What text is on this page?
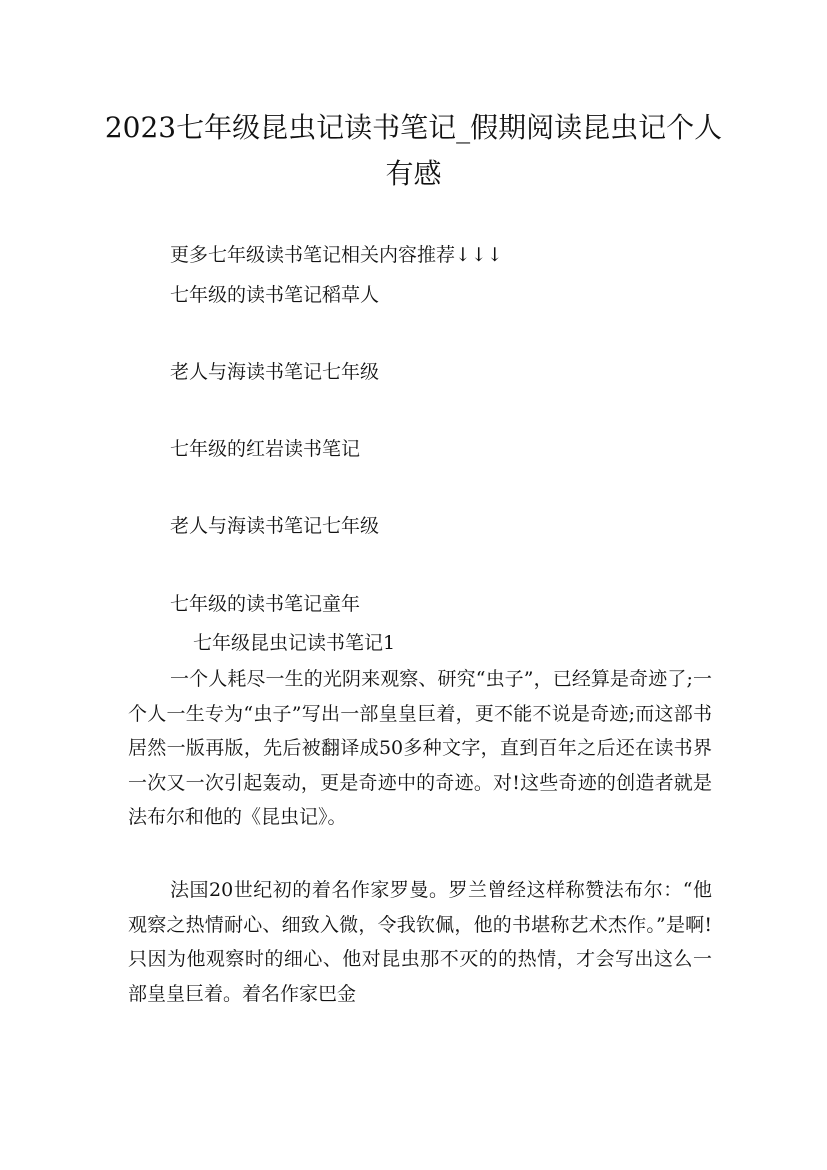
2023七年级昆虫记读书笔记_假期阅读昆虫记个人有感

更多七年级读书笔记相关内容推荐↓↓↓

七年级的读书笔记稻草人

老人与海读书笔记七年级

七年级的红岩读书笔记

老人与海读书笔记七年级

七年级的读书笔记童年

七年级昆虫记读书笔记1

一个人耗尽一生的光阴来观察、研究“虫子”，已经算是奇迹了;一个人一生专为“虫子”写出一部皇皇巨着，更不能不说是奇迹;而这部书居然一版再版，先后被翻译成50多种文字，直到百年之后还在读书界一次又一次引起轰动，更是奇迹中的奇迹。对!这些奇迹的创造者就是法布尔和他的《昆虫记》。

法国20世纪初的着名作家罗曼。罗兰曾经这样称赞法布尔：“他观察之热情耐心、细致入微，令我钦佩，他的书堪称艺术杰作。”是啊!只因为他观察时的细心、他对昆虫那不灭的的热情，才会写出这么一部皇皇巨着。着名作家巴金
